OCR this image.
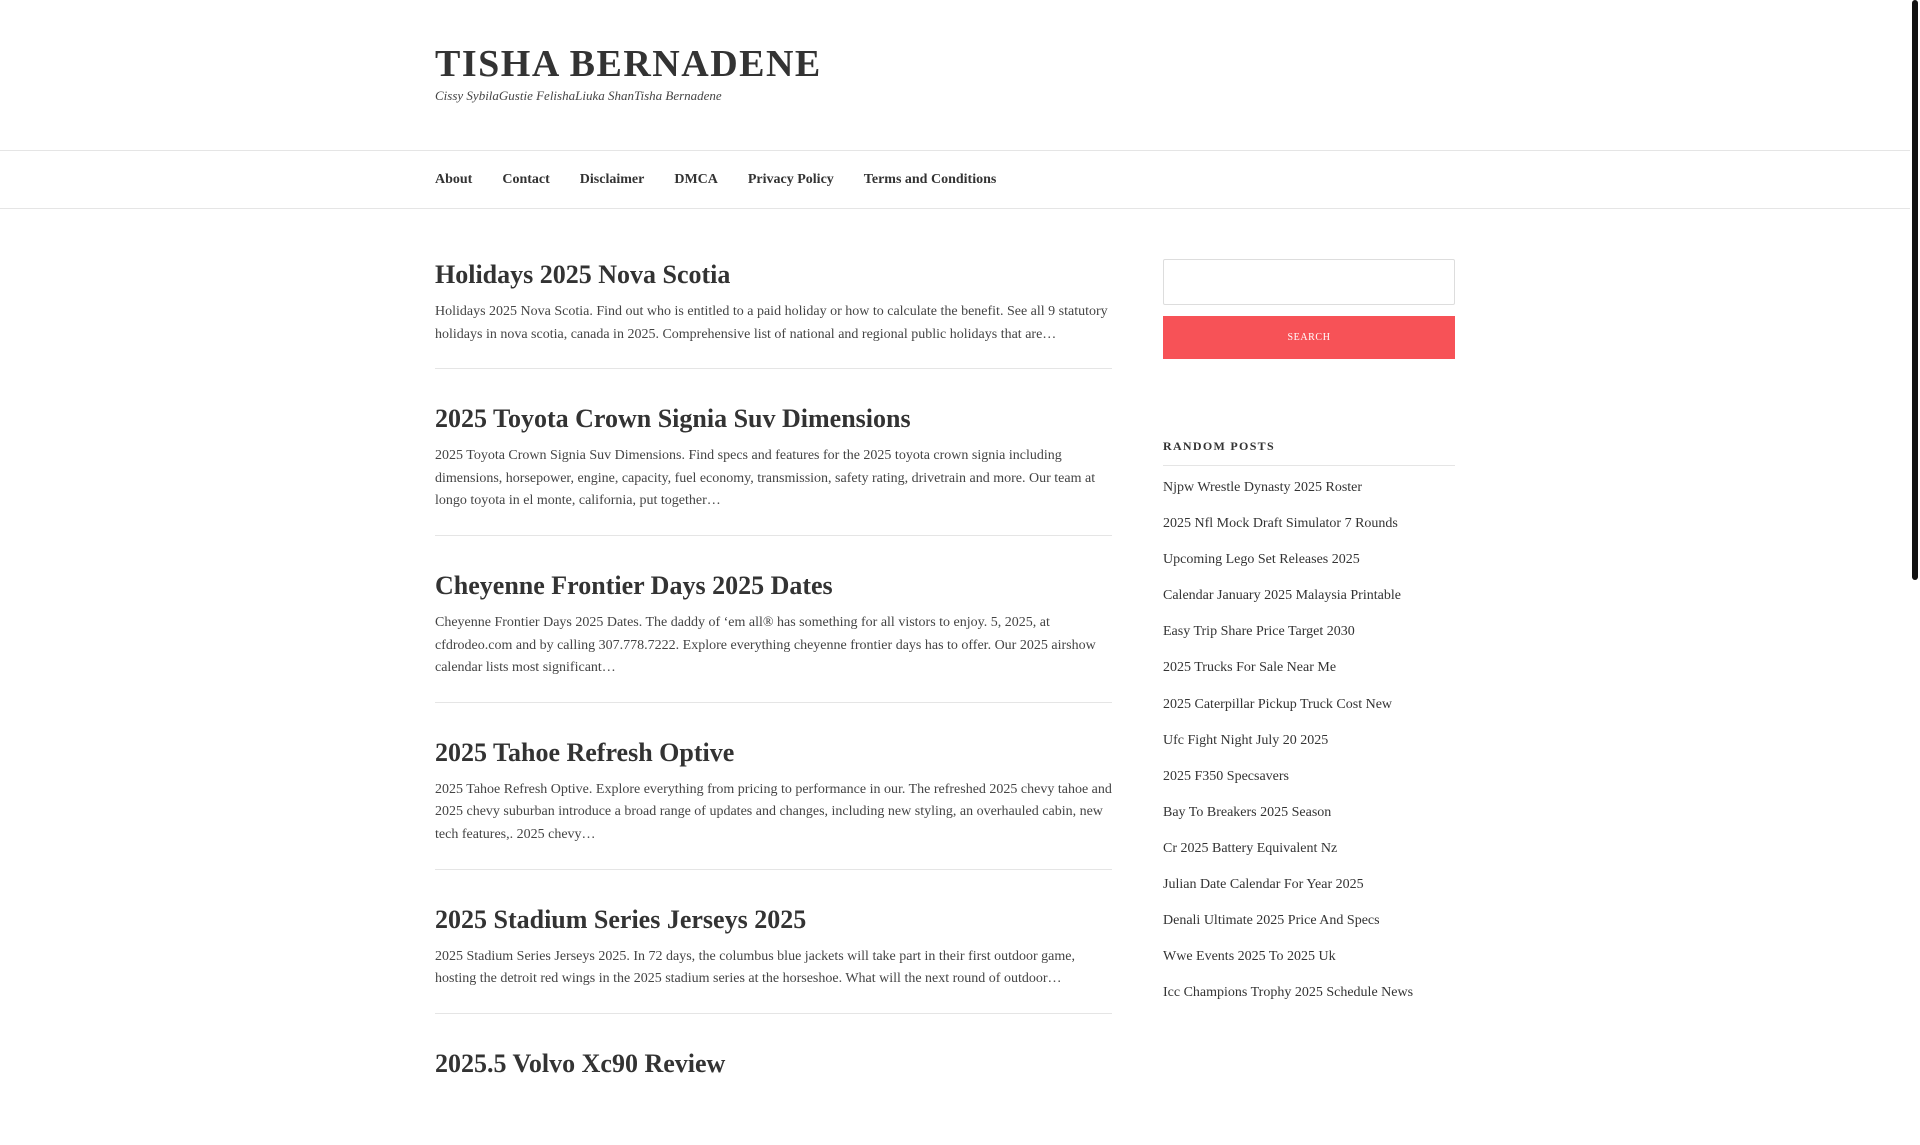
TISHA BERNADENE
Cissy SybilaGustie FelishaLiuka ShanTisha Bernadene
About Contact Disclaimer DMCA Privacy Policy Terms and Conditions
Holidays 2025 Nova Scotia

Holidays 2025 Nova Scotia. Find out who is entitled to a paid holiday or how to calculate the benefit. See all 9 statutory holidays in nova scotia, canada in 2025. Comprehensive list of national and regional public holidays that are…

2025 Toyota Crown Signia Suv Dimensions

2025 Toyota Crown Signia Suv Dimensions. Find specs and features for the 2025 toyota crown signia including dimensions, horsepower, engine, capacity, fuel economy, transmission, safety rating, drivetrain and more. Our team at longo toyota in el monte, california, put together…

Cheyenne Frontier Days 2025 Dates

Cheyenne Frontier Days 2025 Dates. The daddy of ‘em all® has something for all vistors to enjoy. 5, 2025, at cfdrodeo.com and by calling 307.778.7222. Explore everything cheyenne frontier days has to offer. Our 2025 airshow calendar lists most significant…

2025 Tahoe Refresh Optive

2025 Tahoe Refresh Optive. Explore everything from pricing to performance in our. The refreshed 2025 chevy tahoe and 2025 chevy suburban introduce a broad range of updates and changes, including new styling, an overhauled cabin, new tech features,. 2025 chevy…

2025 Stadium Series Jerseys 2025

2025 Stadium Series Jerseys 2025. In 72 days, the columbus blue jackets will take part in their first outdoor game, hosting the detroit red wings in the 2025 stadium series at the horseshoe. What will the next round of outdoor…

2025.5 Volvo Xc90 Review
SEARCH
RANDOM POSTS
Njpw Wrestle Dynasty 2025 Roster
2025 Nfl Mock Draft Simulator 7 Rounds
Upcoming Lego Set Releases 2025
Calendar January 2025 Malaysia Printable
Easy Trip Share Price Target 2030
2025 Trucks For Sale Near Me
2025 Caterpillar Pickup Truck Cost New
Ufc Fight Night July 20 2025
2025 F350 Specsavers
Bay To Breakers 2025 Season
Cr 2025 Battery Equivalent Nz
Julian Date Calendar For Year 2025
Denali Ultimate 2025 Price And Specs
Wwe Events 2025 To 2025 Uk
Icc Champions Trophy 2025 Schedule News
